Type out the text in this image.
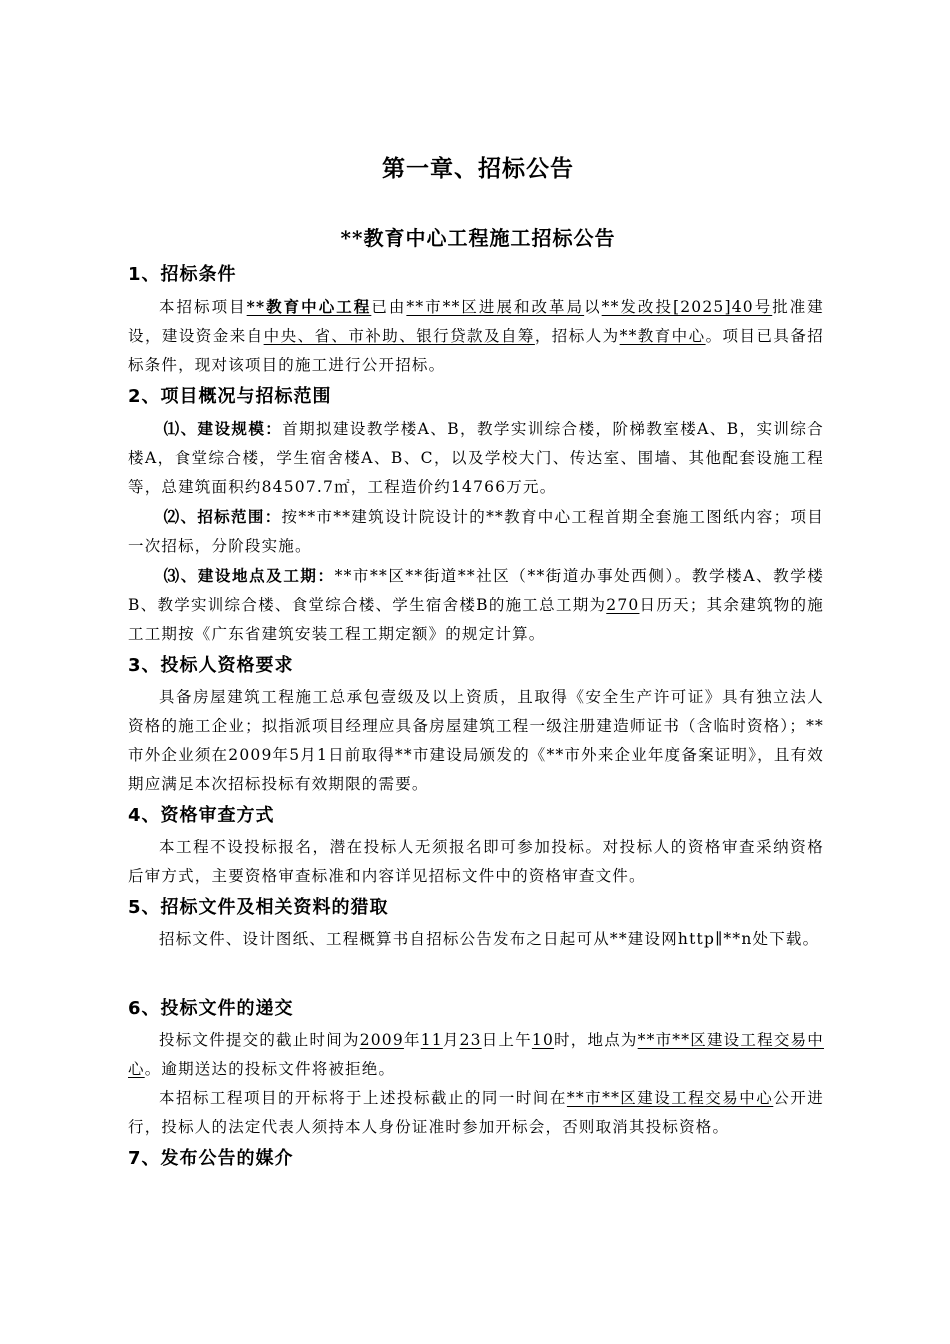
第一章、招标公告
**教育中心工程施工招标公告
1、招标条件

本招标项目**教育中心工程已由**市**区进展和改革局以**发改投[2025]40号批准建设，建设资金来自中央、省、市补助、银行贷款及自筹，招标人为**教育中心。项目已具备招标条件，现对该项目的施工进行公开招标。

2、项目概况与招标范围

⑴、建设规模：首期拟建设教学楼A、B，教学实训综合楼，阶梯教室楼A、B，实训综合楼A，食堂综合楼，学生宿舍楼A、B、C，以及学校大门、传达室、围墙、其他配套设施工程等，总建筑面积约84507.7㎡，工程造价约14766万元。

⑵、招标范围：按**市**建筑设计院设计的**教育中心工程首期全套施工图纸内容；项目一次招标，分阶段实施。

⑶、建设地点及工期：**市**区**街道**社区（**街道办事处西侧）。教学楼A、教学楼B、教学实训综合楼、食堂综合楼、学生宿舍楼B的施工总工期为270日历天；其余建筑物的施工工期按《广东省建筑安装工程工期定额》的规定计算。

3、投标人资格要求

具备房屋建筑工程施工总承包壹级及以上资质，且取得《安全生产许可证》具有独立法人资格的施工企业；拟指派项目经理应具备房屋建筑工程一级注册建造师证书（含临时资格）；**市外企业须在2009年5月1日前取得**市建设局颁发的《**市外来企业年度备案证明》，且有效期应满足本次招标投标有效期限的需要。

4、资格审查方式

本工程不设投标报名，潜在投标人无须报名即可参加投标。对投标人的资格审查采纳资格后审方式，主要资格审查标准和内容详见招标文件中的资格审查文件。

5、招标文件及相关资料的猎取

招标文件、设计图纸、工程概算书自招标公告发布之日起可从**建设网http∥**n处下载。

6、投标文件的递交

投标文件提交的截止时间为2009年11月23日上午10时，地点为**市**区建设工程交易中心。逾期送达的投标文件将被拒绝。

本招标工程项目的开标将于上述投标截止的同一时间在**市**区建设工程交易中心公开进行，投标人的法定代表人须持本人身份证准时参加开标会，否则取消其投标资格。

7、发布公告的媒介
